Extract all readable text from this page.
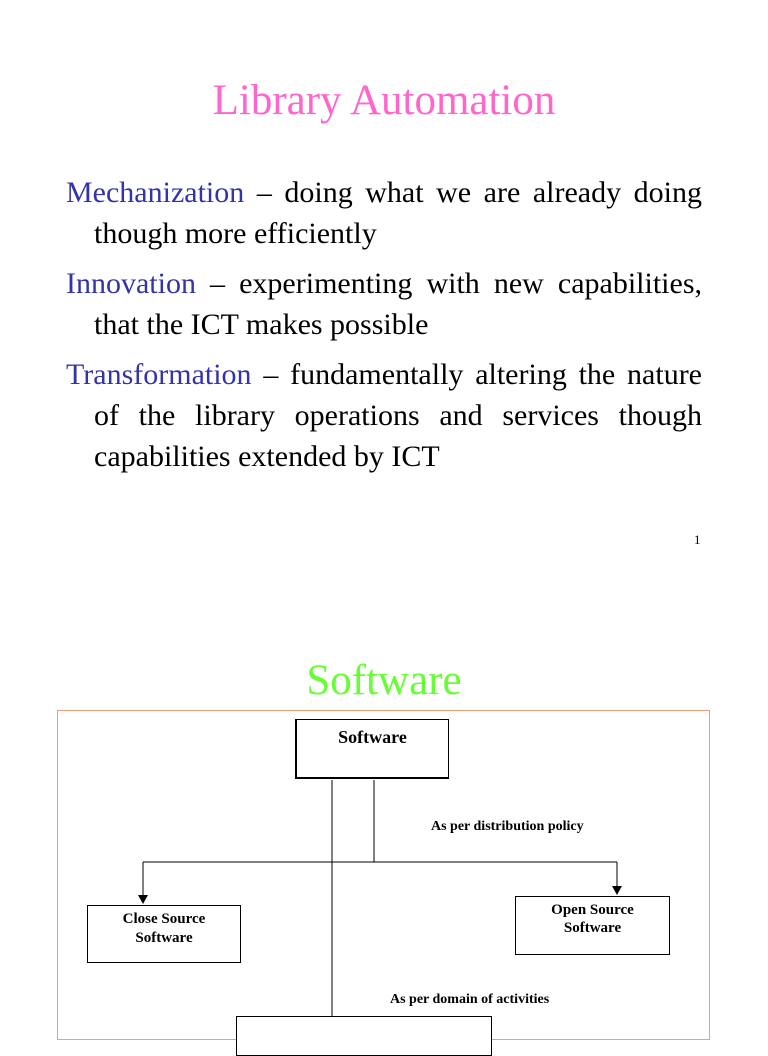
Library Automation

Mechanization – doing what we are already doing though more efficiently

Innovation – experimenting with new capabilities, that the ICT makes possible

Transformation – fundamentally altering the nature of the library operations and services though capabilities extended by ICT

1
Software
Software
As per distribution policy
Close Source
Software
Open Source
Software
As per domain of activities
